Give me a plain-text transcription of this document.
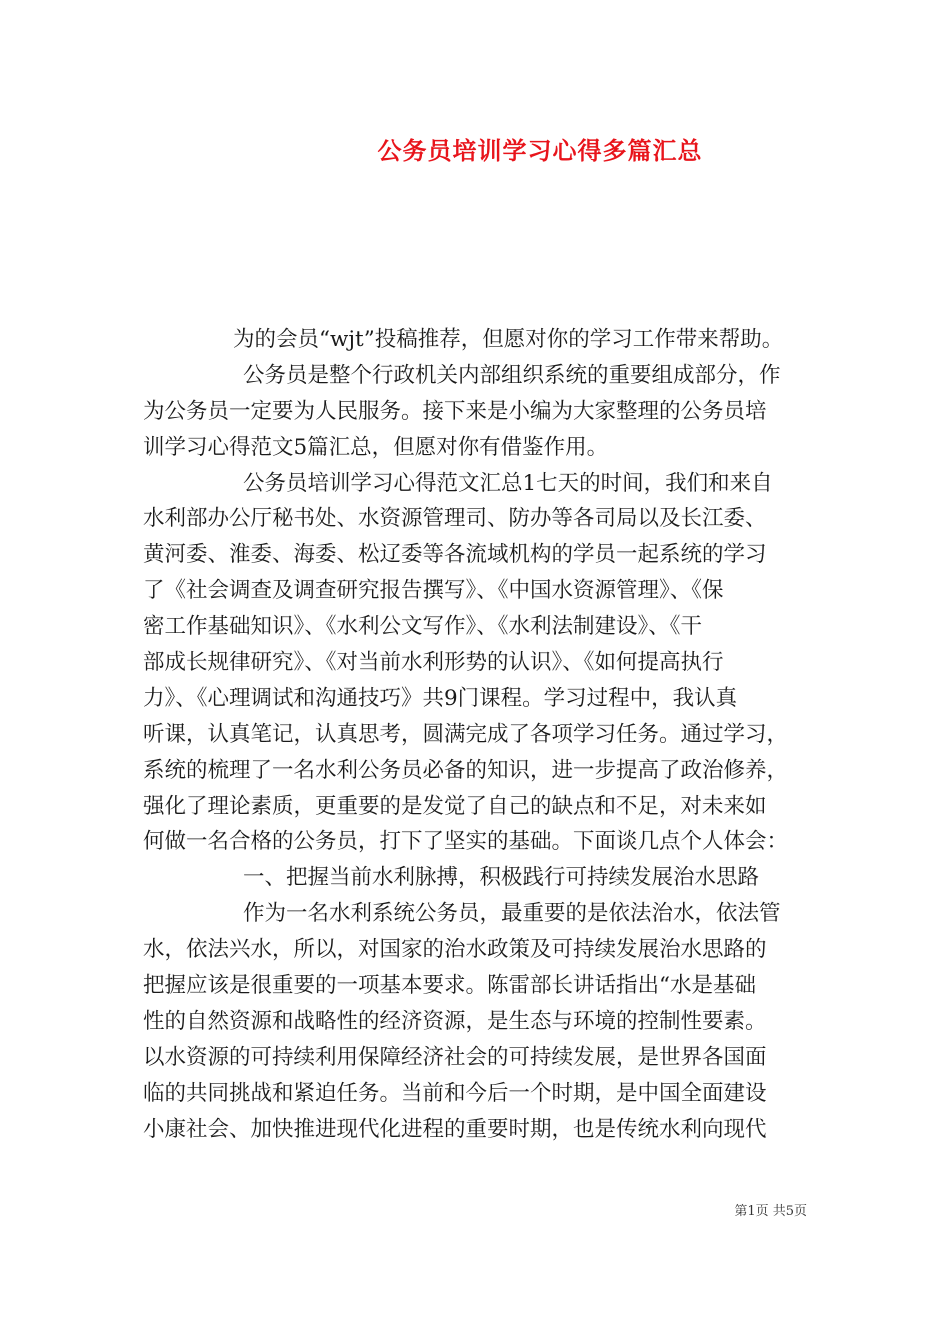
公务员培训学习心得多篇汇总
为的会员“wjt”投稿推荐，但愿对你的学习工作带来帮助。
公务员是整个行政机关内部组织系统的重要组成部分，作
为公务员一定要为人民服务。接下来是小编为大家整理的公务员培
训学习心得范文5篇汇总，但愿对你有借鉴作用。
公务员培训学习心得范文汇总1七天的时间，我们和来自
水利部办公厅秘书处、水资源管理司、防办等各司局以及长江委、
黄河委、淮委、海委、松辽委等各流域机构的学员一起系统的学习
了《社会调查及调查研究报告撰写》、《中国水资源管理》、《保
密工作基础知识》、《水利公文写作》、《水利法制建设》、《干
部成长规律研究》、《对当前水利形势的认识》、《如何提高执行
力》、《心理调试和沟通技巧》共9门课程。学习过程中，我认真
听课，认真笔记，认真思考，圆满完成了各项学习任务。通过学习，
系统的梳理了一名水利公务员必备的知识，进一步提高了政治修养，
强化了理论素质，更重要的是发觉了自己的缺点和不足，对未来如
何做一名合格的公务员，打下了坚实的基础。下面谈几点个人体会：
一、把握当前水利脉搏，积极践行可持续发展治水思路
作为一名水利系统公务员，最重要的是依法治水，依法管
水，依法兴水，所以，对国家的治水政策及可持续发展治水思路的
把握应该是很重要的一项基本要求。陈雷部长讲话指出“水是基础
性的自然资源和战略性的经济资源，是生态与环境的控制性要素。
以水资源的可持续利用保障经济社会的可持续发展，是世界各国面
临的共同挑战和紧迫任务。当前和今后一个时期，是中国全面建设
小康社会、加快推进现代化进程的重要时期，也是传统水利向现代
第1页 共5页
